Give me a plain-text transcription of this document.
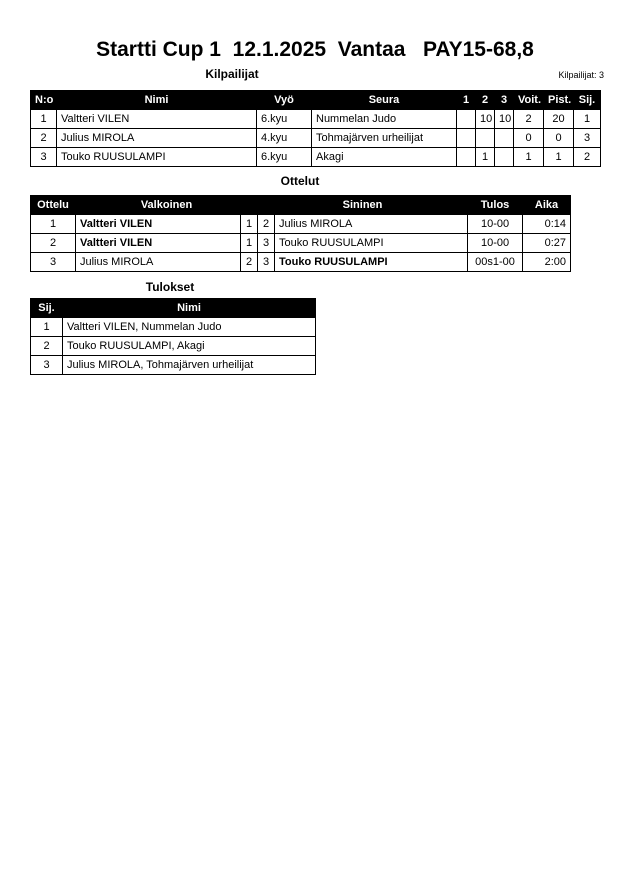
Startti Cup 1  12.1.2025  Vantaa   PAY15-68,8
Kilpailijat	Kilpailijat: 3
N:o	Nimi	Vyö	Seura	1	2	3	Voit.	Pist.	Sij.
1	Valtteri VILEN	6.kyu	Nummelan Judo		10	10	2	20	1
2	Julius MIROLA	4.kyu	Tohmajärven urheilijat				0	0	3
3	Touko RUUSULAMPI	6.kyu	Akagi		1		1	1	2
Ottelut
Ottelu	Valkoinen		Sininen		Tulos	Aika
1	Valtteri VILEN	1	2	Julius MIROLA	10-00	0:14
2	Valtteri VILEN	1	3	Touko RUUSULAMPI	10-00	0:27
3	Julius MIROLA	2	3	Touko RUUSULAMPI	00s1-00	2:00
Tulokset
Sij.	Nimi
1	Valtteri VILEN, Nummelan Judo
2	Touko RUUSULAMPI, Akagi
3	Julius MIROLA, Tohmajärven urheilijat
